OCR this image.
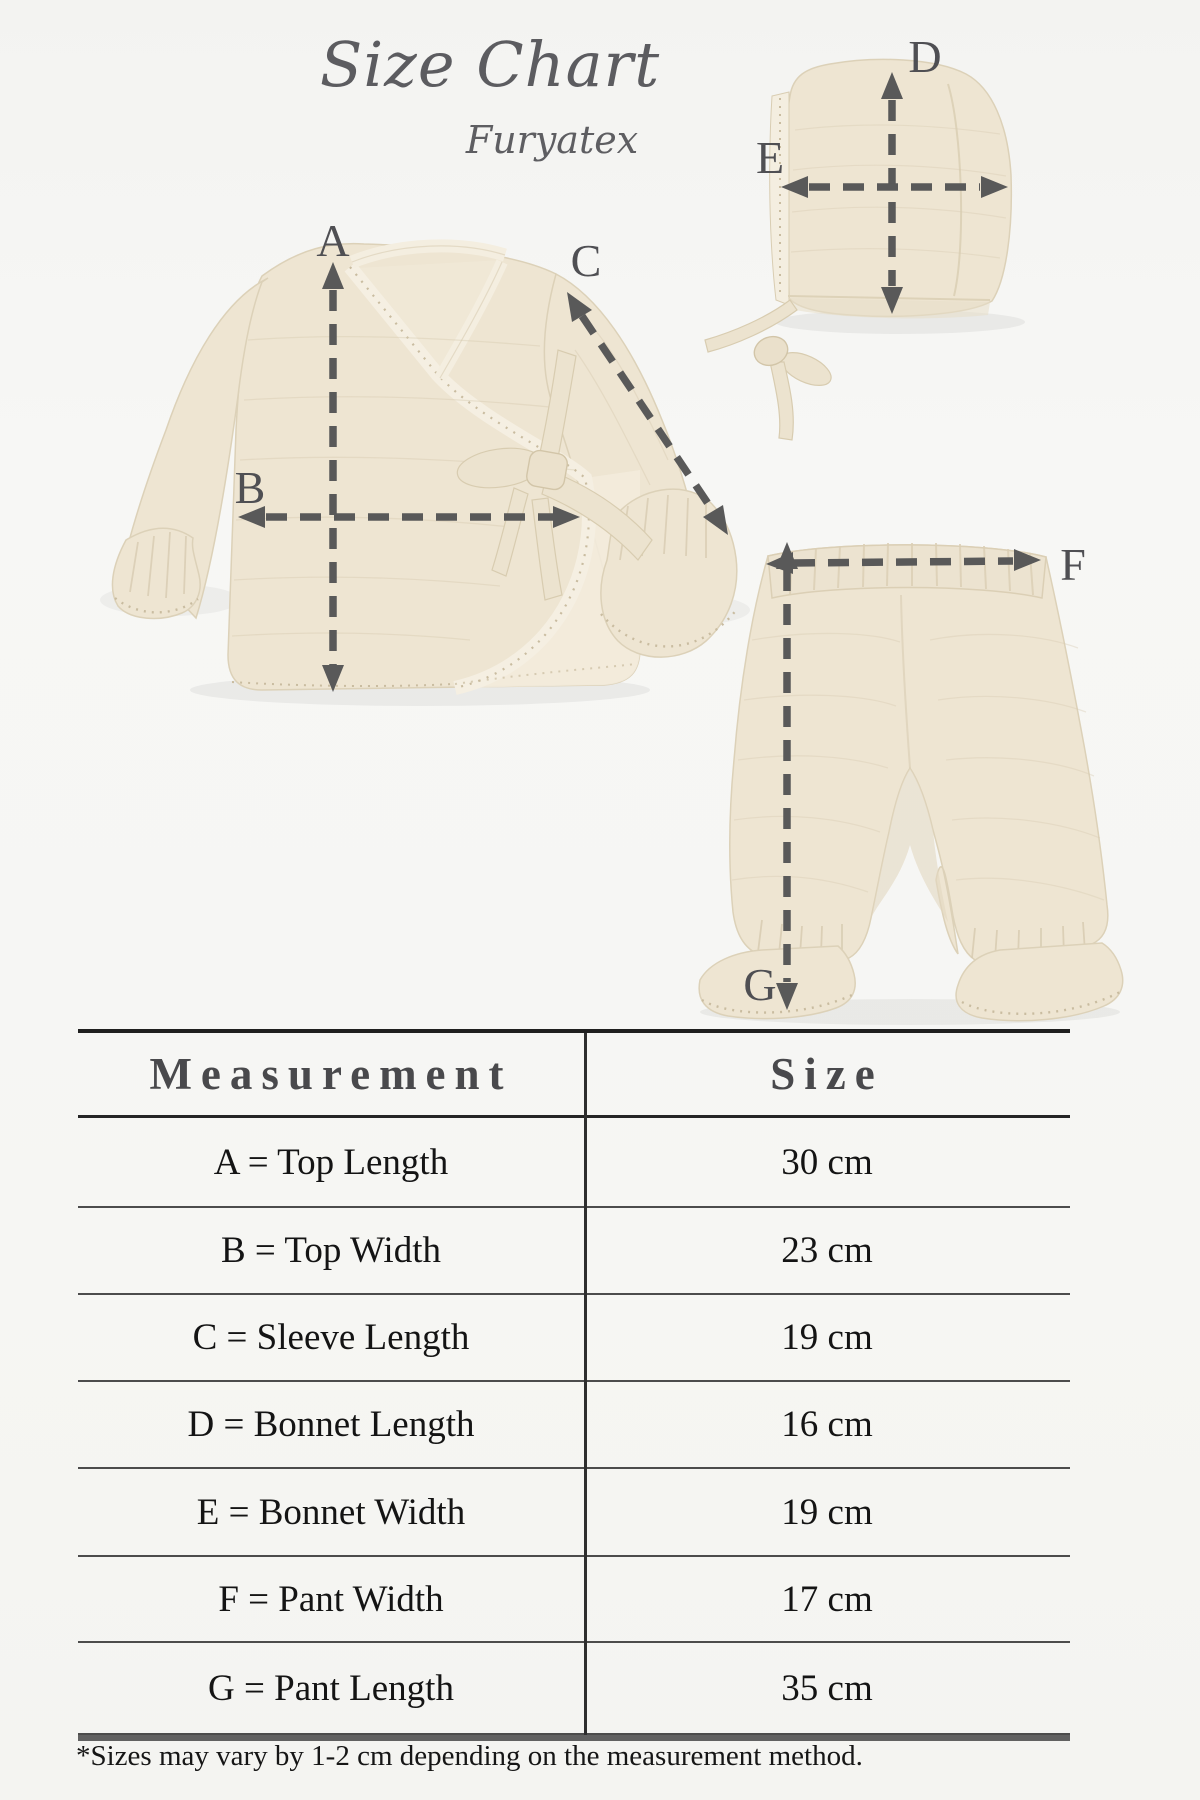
Size Chart
Furyatex
A
B
C
D
E
F
G
Measurement	Size
A = Top Length	30 cm
B = Top Width	23 cm
C = Sleeve Length	19 cm
D = Bonnet Length	16 cm
E = Bonnet Width	19 cm
F = Pant Width	17 cm
G = Pant Length	35 cm
*Sizes may vary by 1-2 cm depending on the measurement method.
